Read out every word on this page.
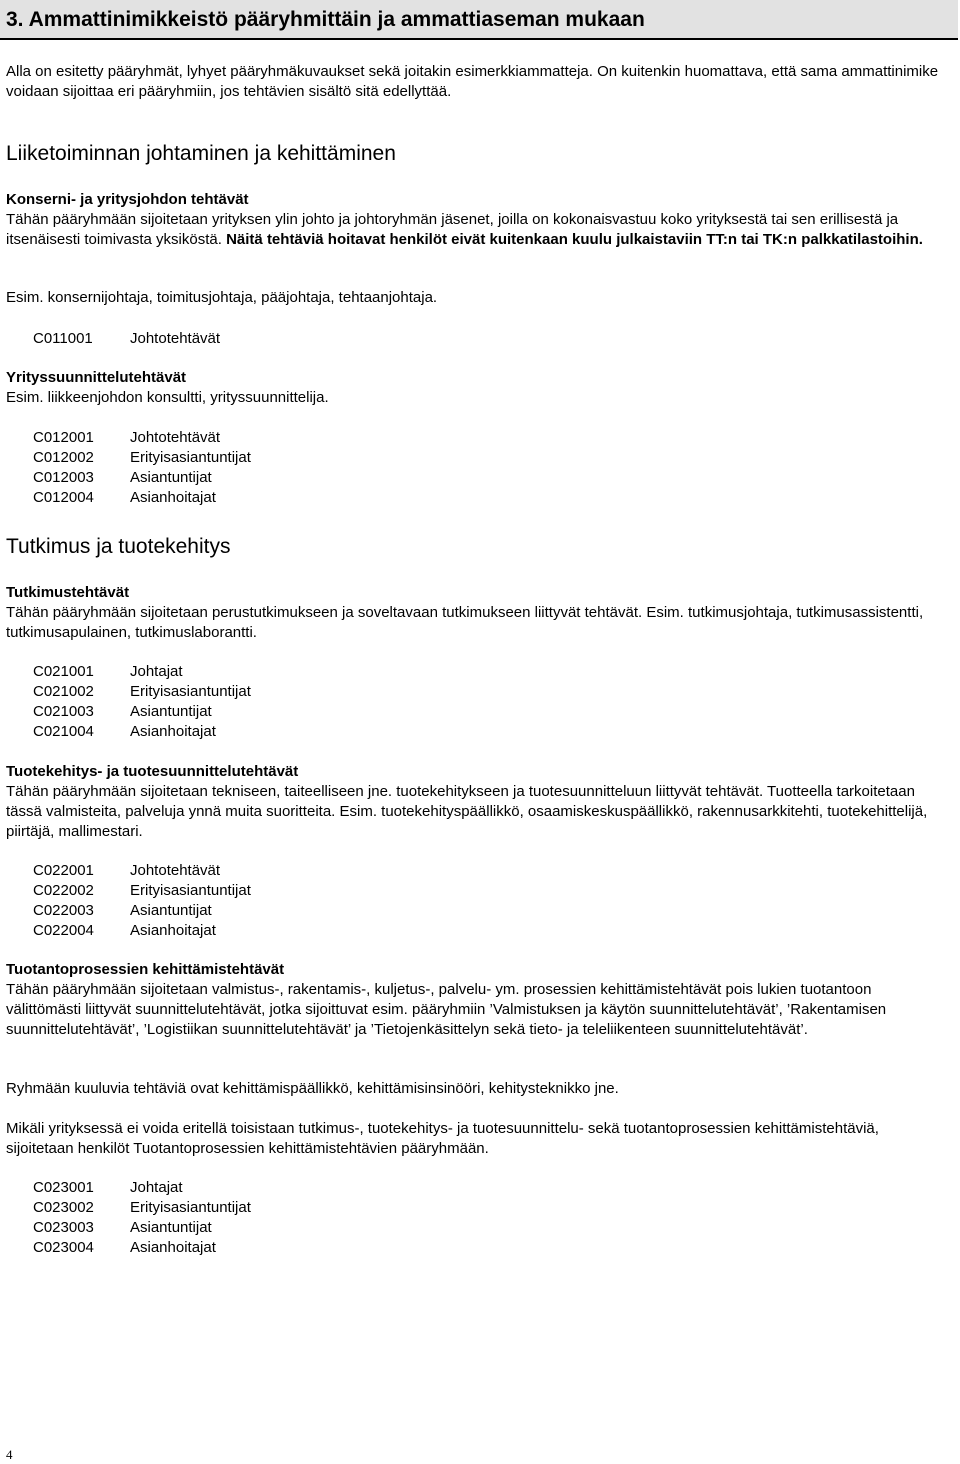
3. Ammattinimikkeistö pääryhmittäin ja ammattiaseman mukaan

Alla on esitetty pääryhmät, lyhyet pääryhmäkuvaukset sekä joitakin esimerkkiammatteja. On kuitenkin huomattava, että sama ammattinimike voidaan sijoittaa eri pääryhmiin, jos tehtävien sisältö sitä edellyttää.

Liiketoiminnan johtaminen ja kehittäminen
Konserni- ja yritysjohdon tehtävät

Tähän pääryhmään sijoitetaan yrityksen ylin johto ja johtoryhmän jäsenet, joilla on kokonaisvastuu koko yrityksestä tai sen erillisestä ja itsenäisesti toimivasta yksiköstä. Näitä tehtäviä hoitavat henkilöt eivät kuitenkaan kuulu julkaistaviin TT:n tai TK:n palkkatilastoihin.

Esim. konsernijohtaja, toimitusjohtaja, pääjohtaja, tehtaanjohtaja.

C011001	Johtotehtävät
Yrityssuunnittelutehtävät

Esim. liikkeenjohdon konsultti, yrityssuunnittelija.

C012001	Johtotehtävät
C012002	Erityisasiantuntijat
C012003	Asiantuntijat
C012004	Asianhoitajat
Tutkimus ja tuotekehitys
Tutkimustehtävät

Tähän pääryhmään sijoitetaan perustutkimukseen ja soveltavaan tutkimukseen liittyvät tehtävät. Esim. tutkimusjohtaja, tutkimusassistentti, tutkimusapulainen, tutkimuslaborantti.

C021001	Johtajat
C021002	Erityisasiantuntijat
C021003	Asiantuntijat
C021004	Asianhoitajat
Tuotekehitys- ja tuotesuunnittelutehtävät

Tähän pääryhmään sijoitetaan tekniseen, taiteelliseen jne. tuotekehitykseen ja tuotesuunnitteluun liittyvät tehtävät. Tuotteella tarkoitetaan tässä valmisteita, palveluja ynnä muita suoritteita. Esim. tuotekehityspäällikkö, osaamiskeskuspäällikkö, rakennusarkkitehti, tuotekehittelijä, piirtäjä, mallimestari.

C022001	Johtotehtävät
C022002	Erityisasiantuntijat
C022003	Asiantuntijat
C022004	Asianhoitajat
Tuotantoprosessien kehittämistehtävät

Tähän pääryhmään sijoitetaan valmistus-, rakentamis-, kuljetus-, palvelu- ym. prosessien kehittämistehtävät pois lukien tuotantoon välittömästi liittyvät suunnittelutehtävät, jotka sijoittuvat esim. pääryhmiin ’Valmistuksen ja käytön suunnittelutehtävät’, ’Rakentamisen suunnittelutehtävät’, ’Logistiikan suunnittelutehtävät’ ja ’Tietojenkäsittelyn sekä tieto- ja teleliikenteen suunnittelutehtävät’.

Ryhmään kuuluvia tehtäviä ovat kehittämispäällikkö, kehittämisinsinööri, kehitysteknikko jne.

Mikäli yrityksessä ei voida eritellä toisistaan tutkimus-, tuotekehitys- ja tuotesuunnittelu- sekä tuotantoprosessien kehittämistehtäviä, sijoitetaan henkilöt Tuotantoprosessien kehittämistehtävien pääryhmään.

C023001	Johtajat
C023002	Erityisasiantuntijat
C023003	Asiantuntijat
C023004	Asianhoitajat
4
